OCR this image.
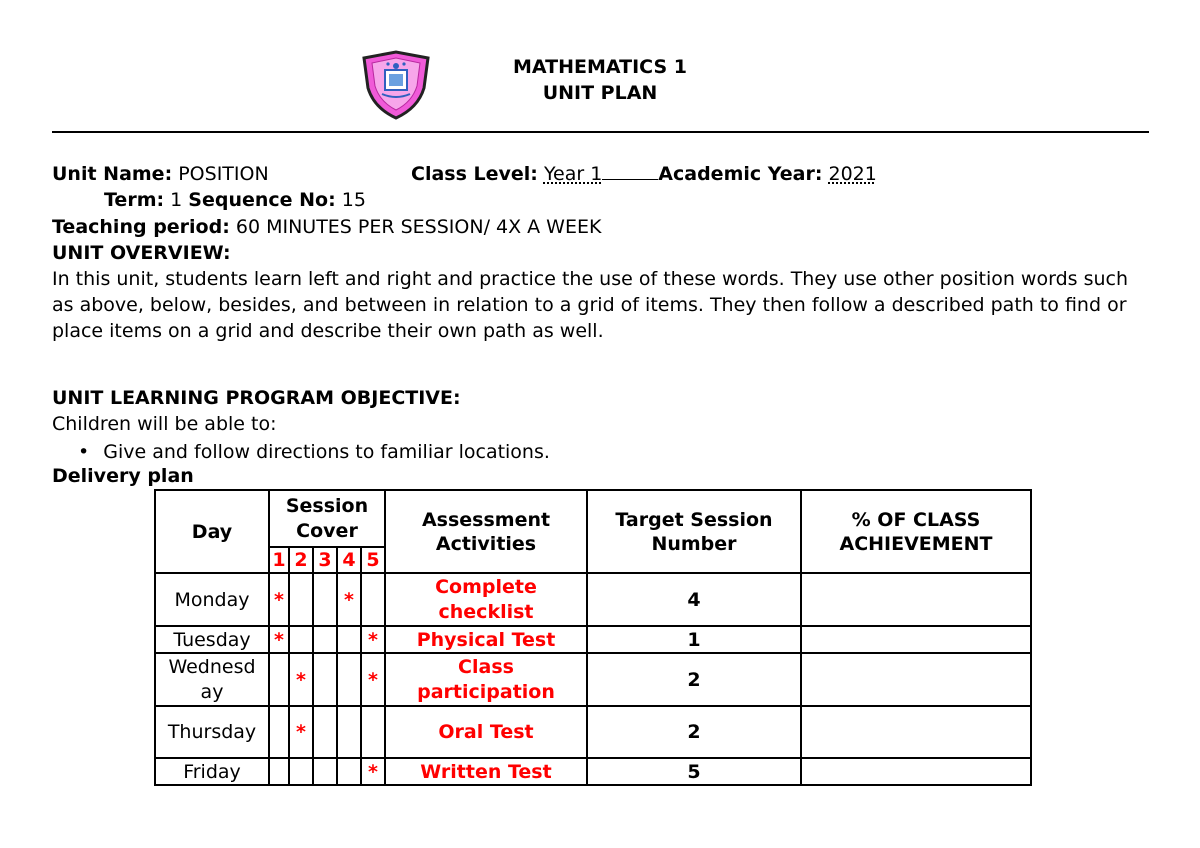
MATHEMATICS 1
UNIT PLAN
Unit Name: POSITION	Class Level: Year 1	Academic Year: 2021
Term: 1 Sequence No: 15
Teaching period: 60 MINUTES PER SESSION/ 4X A WEEK
UNIT OVERVIEW:
In this unit, students learn left and right and practice the use of these words. They use other position words such as above, below, besides, and between in relation to a grid of items. They then follow a described path to find or place items on a grid and describe their own path as well.
UNIT LEARNING PROGRAM OBJECTIVE:
Children will be able to:
• Give and follow directions to familiar locations.
Delivery plan
Day	Session Cover					Assessment Activities	Target Session Number	% OF CLASS ACHIEVEMENT
	1	2	3	4	5			
Monday	*			*		Complete checklist	4	
Tuesday	*				*	Physical Test	1	
Wednesday		*			*	Class participation	2	
Thursday		*				Oral Test	2	
Friday					*	Written Test	5	
